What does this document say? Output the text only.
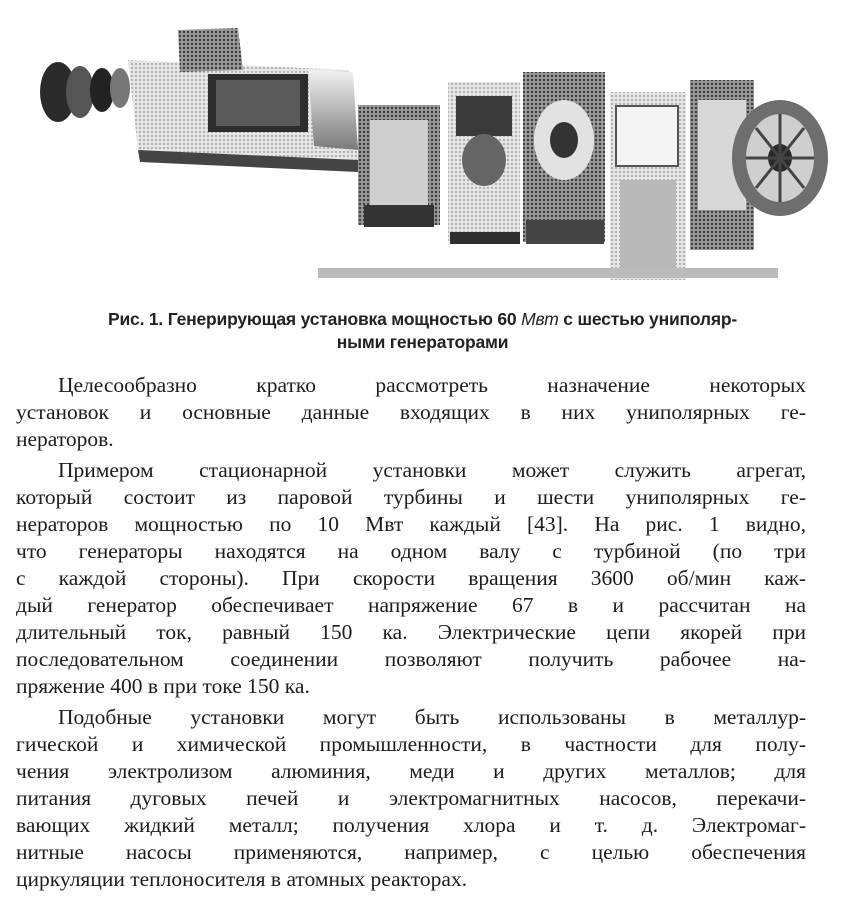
Рис. 1. Генерирующая установка мощностью 60 Мвт с шестью униполяр-
ными генераторами

Целесообразно кратко рассмотреть назначение некоторых
установок и основные данные входящих в них униполярных ге-
нераторов.

Примером стационарной установки может служить агрегат,
который состоит из паровой турбины и шести униполярных ге-
нераторов мощностью по 10 Мвт каждый [43]. На рис. 1 видно,
что генераторы находятся на одном валу с турбиной (по три
с каждой стороны). При скорости вращения 3600 об/мин каж-
дый генератор обеспечивает напряжение 67 в и рассчитан на
длительный ток, равный 150 ка. Электрические цепи якорей при
последовательном соединении позволяют получить рабочее на-
пряжение 400 в при токе 150 ка.

Подобные установки могут быть использованы в металлур-
гической и химической промышленности, в частности для полу-
чения электролизом алюминия, меди и других металлов; для
питания дуговых печей и электромагнитных насосов, перекачи-
вающих жидкий металл; получения хлора и т. д. Электромаг-
нитные насосы применяются, например, с целью обеспечения
циркуляции теплоносителя в атомных реакторах.
